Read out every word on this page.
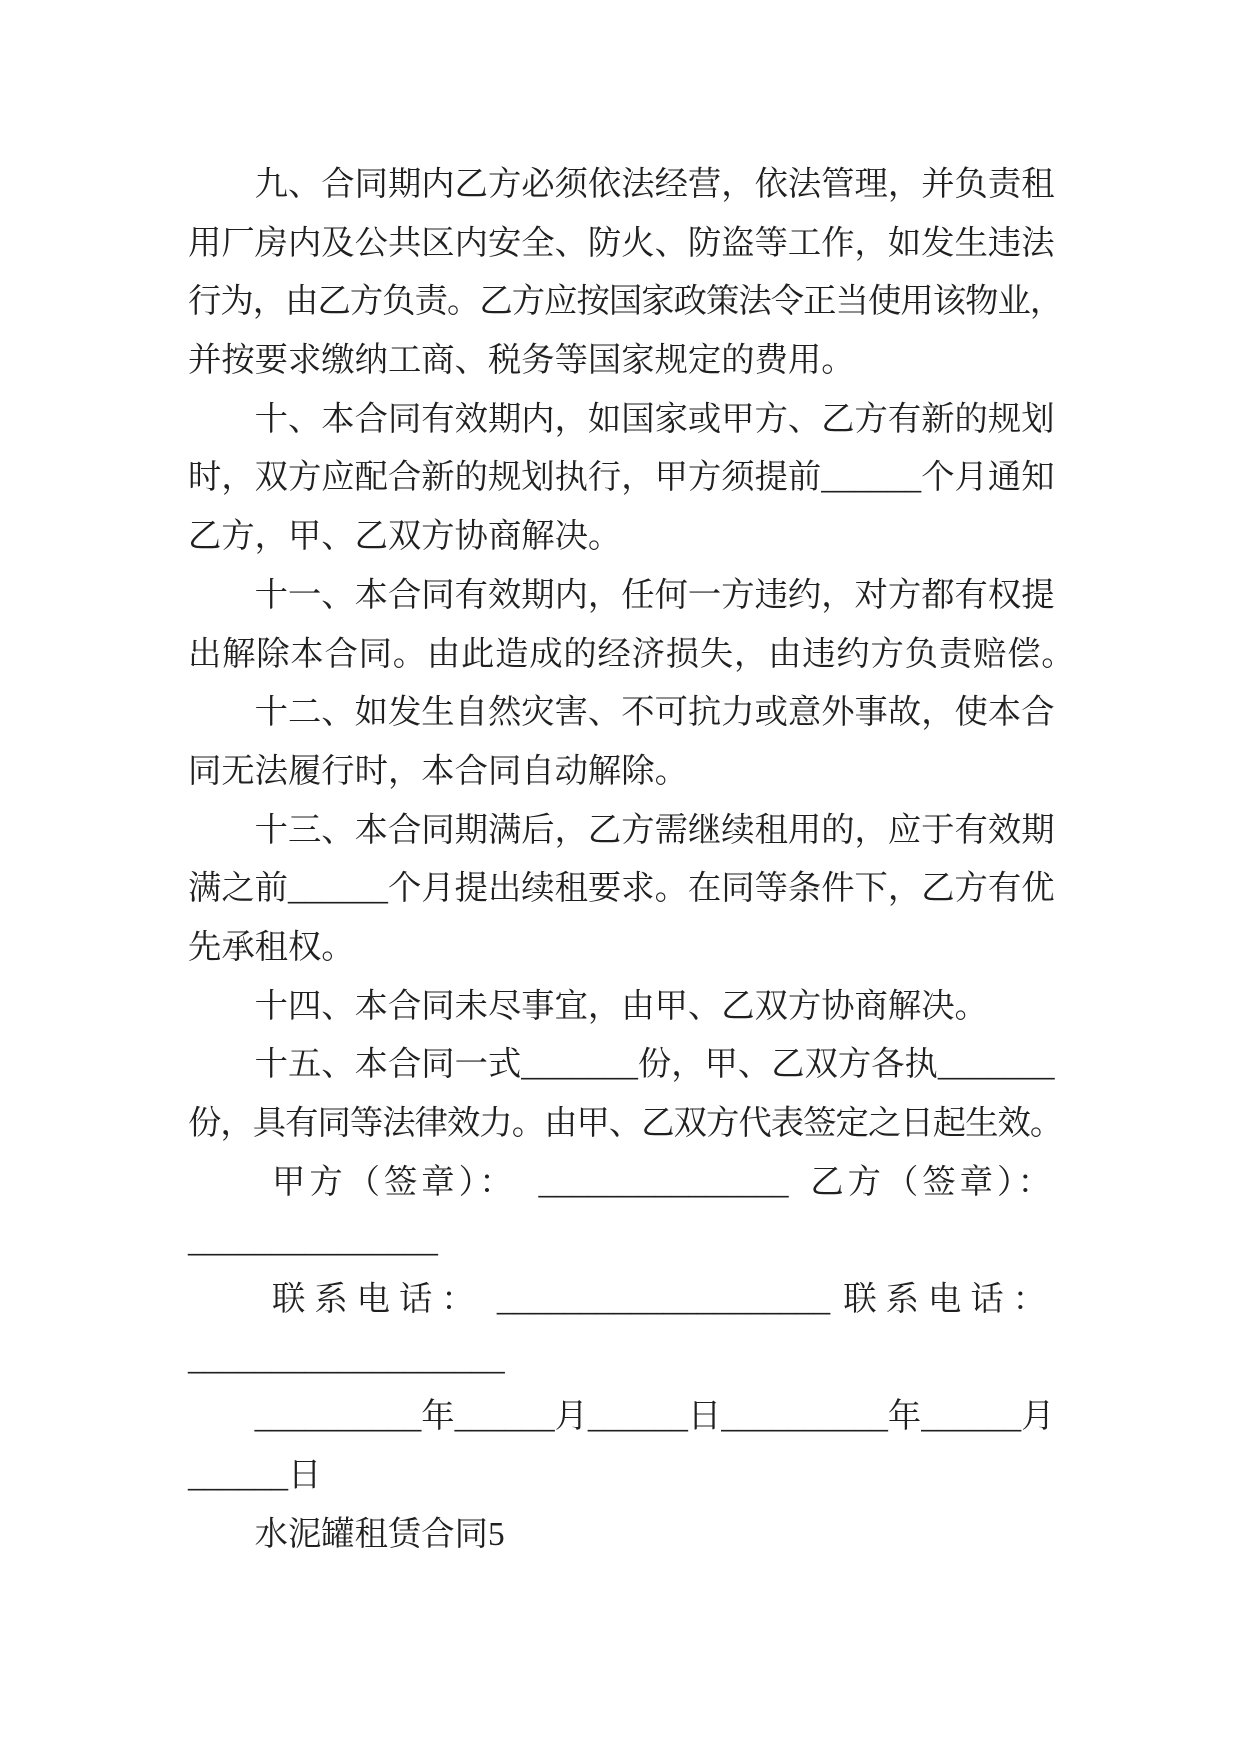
九、合同期内乙方必须依法经营，依法管理，并负责租
用厂房内及公共区内安全、防火、防盗等工作，如发生违法
行为，由乙方负责。乙方应按国家政策法令正当使用该物业，
并按要求缴纳工商、税务等国家规定的费用。
十、本合同有效期内，如国家或甲方、乙方有新的规划
时，双方应配合新的规划执行，甲方须提前______个月通知
乙方，甲、乙双方协商解决。
十一、本合同有效期内，任何一方违约，对方都有权提
出解除本合同。由此造成的经济损失，由违约方负责赔偿。
十二、如发生自然灾害、不可抗力或意外事故，使本合
同无法履行时，本合同自动解除。
十三、本合同期满后，乙方需继续租用的，应于有效期
满之前______个月提出续租要求。在同等条件下，乙方有优
先承租权。
十四、本合同未尽事宜，由甲、乙双方协商解决。
十五、本合同一式_______份，甲、乙双方各执_______
份，具有同等法律效力。由甲、乙双方代表签定之日起生效。
甲方（签章）： _______________ 乙方（签章）：
_______________
联系电话： ____________________ 联系电话：
___________________
__________年______月______日__________年______月
______日
水泥罐租赁合同5
